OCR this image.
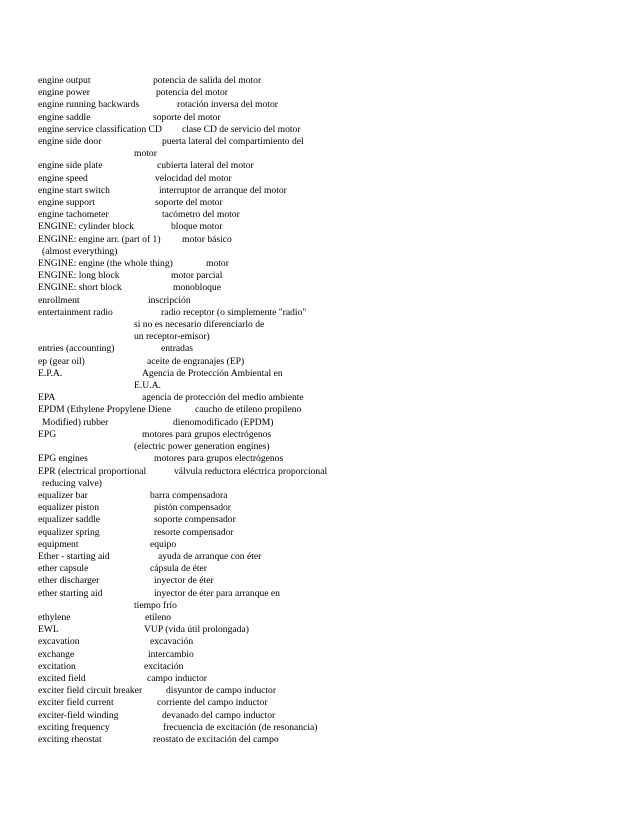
engine output	potencia de salida del motor
engine power	potencia del motor
engine running backwards	rotación inversa del motor
engine saddle	soporte del motor
engine service classification CD	clase CD de servicio del motor
engine side door	puerta lateral del compartimiento del
motor
engine side plate	cubierta lateral del motor
engine speed	velocidad del motor
engine start switch	interruptor de arranque del motor
engine support	soporte del motor
engine tachometer	tacómetro del motor
ENGINE: cylinder block	bloque motor
ENGINE: engine arr. (part of 1)	motor básico
(almost everything)
ENGINE: engine (the whole thing)	motor
ENGINE: long block	motor parcial
ENGINE: short block	monobloque
enrollment	inscripción
entertainment radio	radio receptor (o simplemente "radio"
si no es necesario diferenciarlo de
un receptor-emisor)
entries (accounting)	entradas
ep (gear oil)	aceite de engranajes (EP)
E.P.A.	Agencia de Protección Ambiental en
E.U.A.
EPA	agencia de protección del medio ambiente
EPDM (Ethylene Propylene Diene	caucho de etileno propileno
Modified) rubber	dienomodificado (EPDM)
EPG	motores para grupos electrógenos
(electric power generation engines)
EPG engines	motores para grupos electrógenos
EPR (electrical proportional	válvula reductora eléctrica proporcional
reducing valve)
equalizer bar	barra compensadora
equalizer piston	pistón compensador
equalizer saddle	soporte compensador
equalizer spring	resorte compensador
equipment	equipo
Ether - starting aid	ayuda de arranque con éter
ether capsule	cápsula de éter
ether discharger	inyector de éter
ether starting aid	inyector de éter para arranque en
tiempo frío
ethylene	etileno
EWL	VUP (vida útil prolongada)
excavation	excavación
exchange	intercambio
excitation	excitación
excited field	campo inductor
exciter field circuit breaker	disyuntor de campo inductor
exciter field current	corriente del campo inductor
exciter-field winding	devanado del campo inductor
exciting frequency	frecuencia de excitación (de resonancia)
exciting rheostat	reostato de excitación del campo
